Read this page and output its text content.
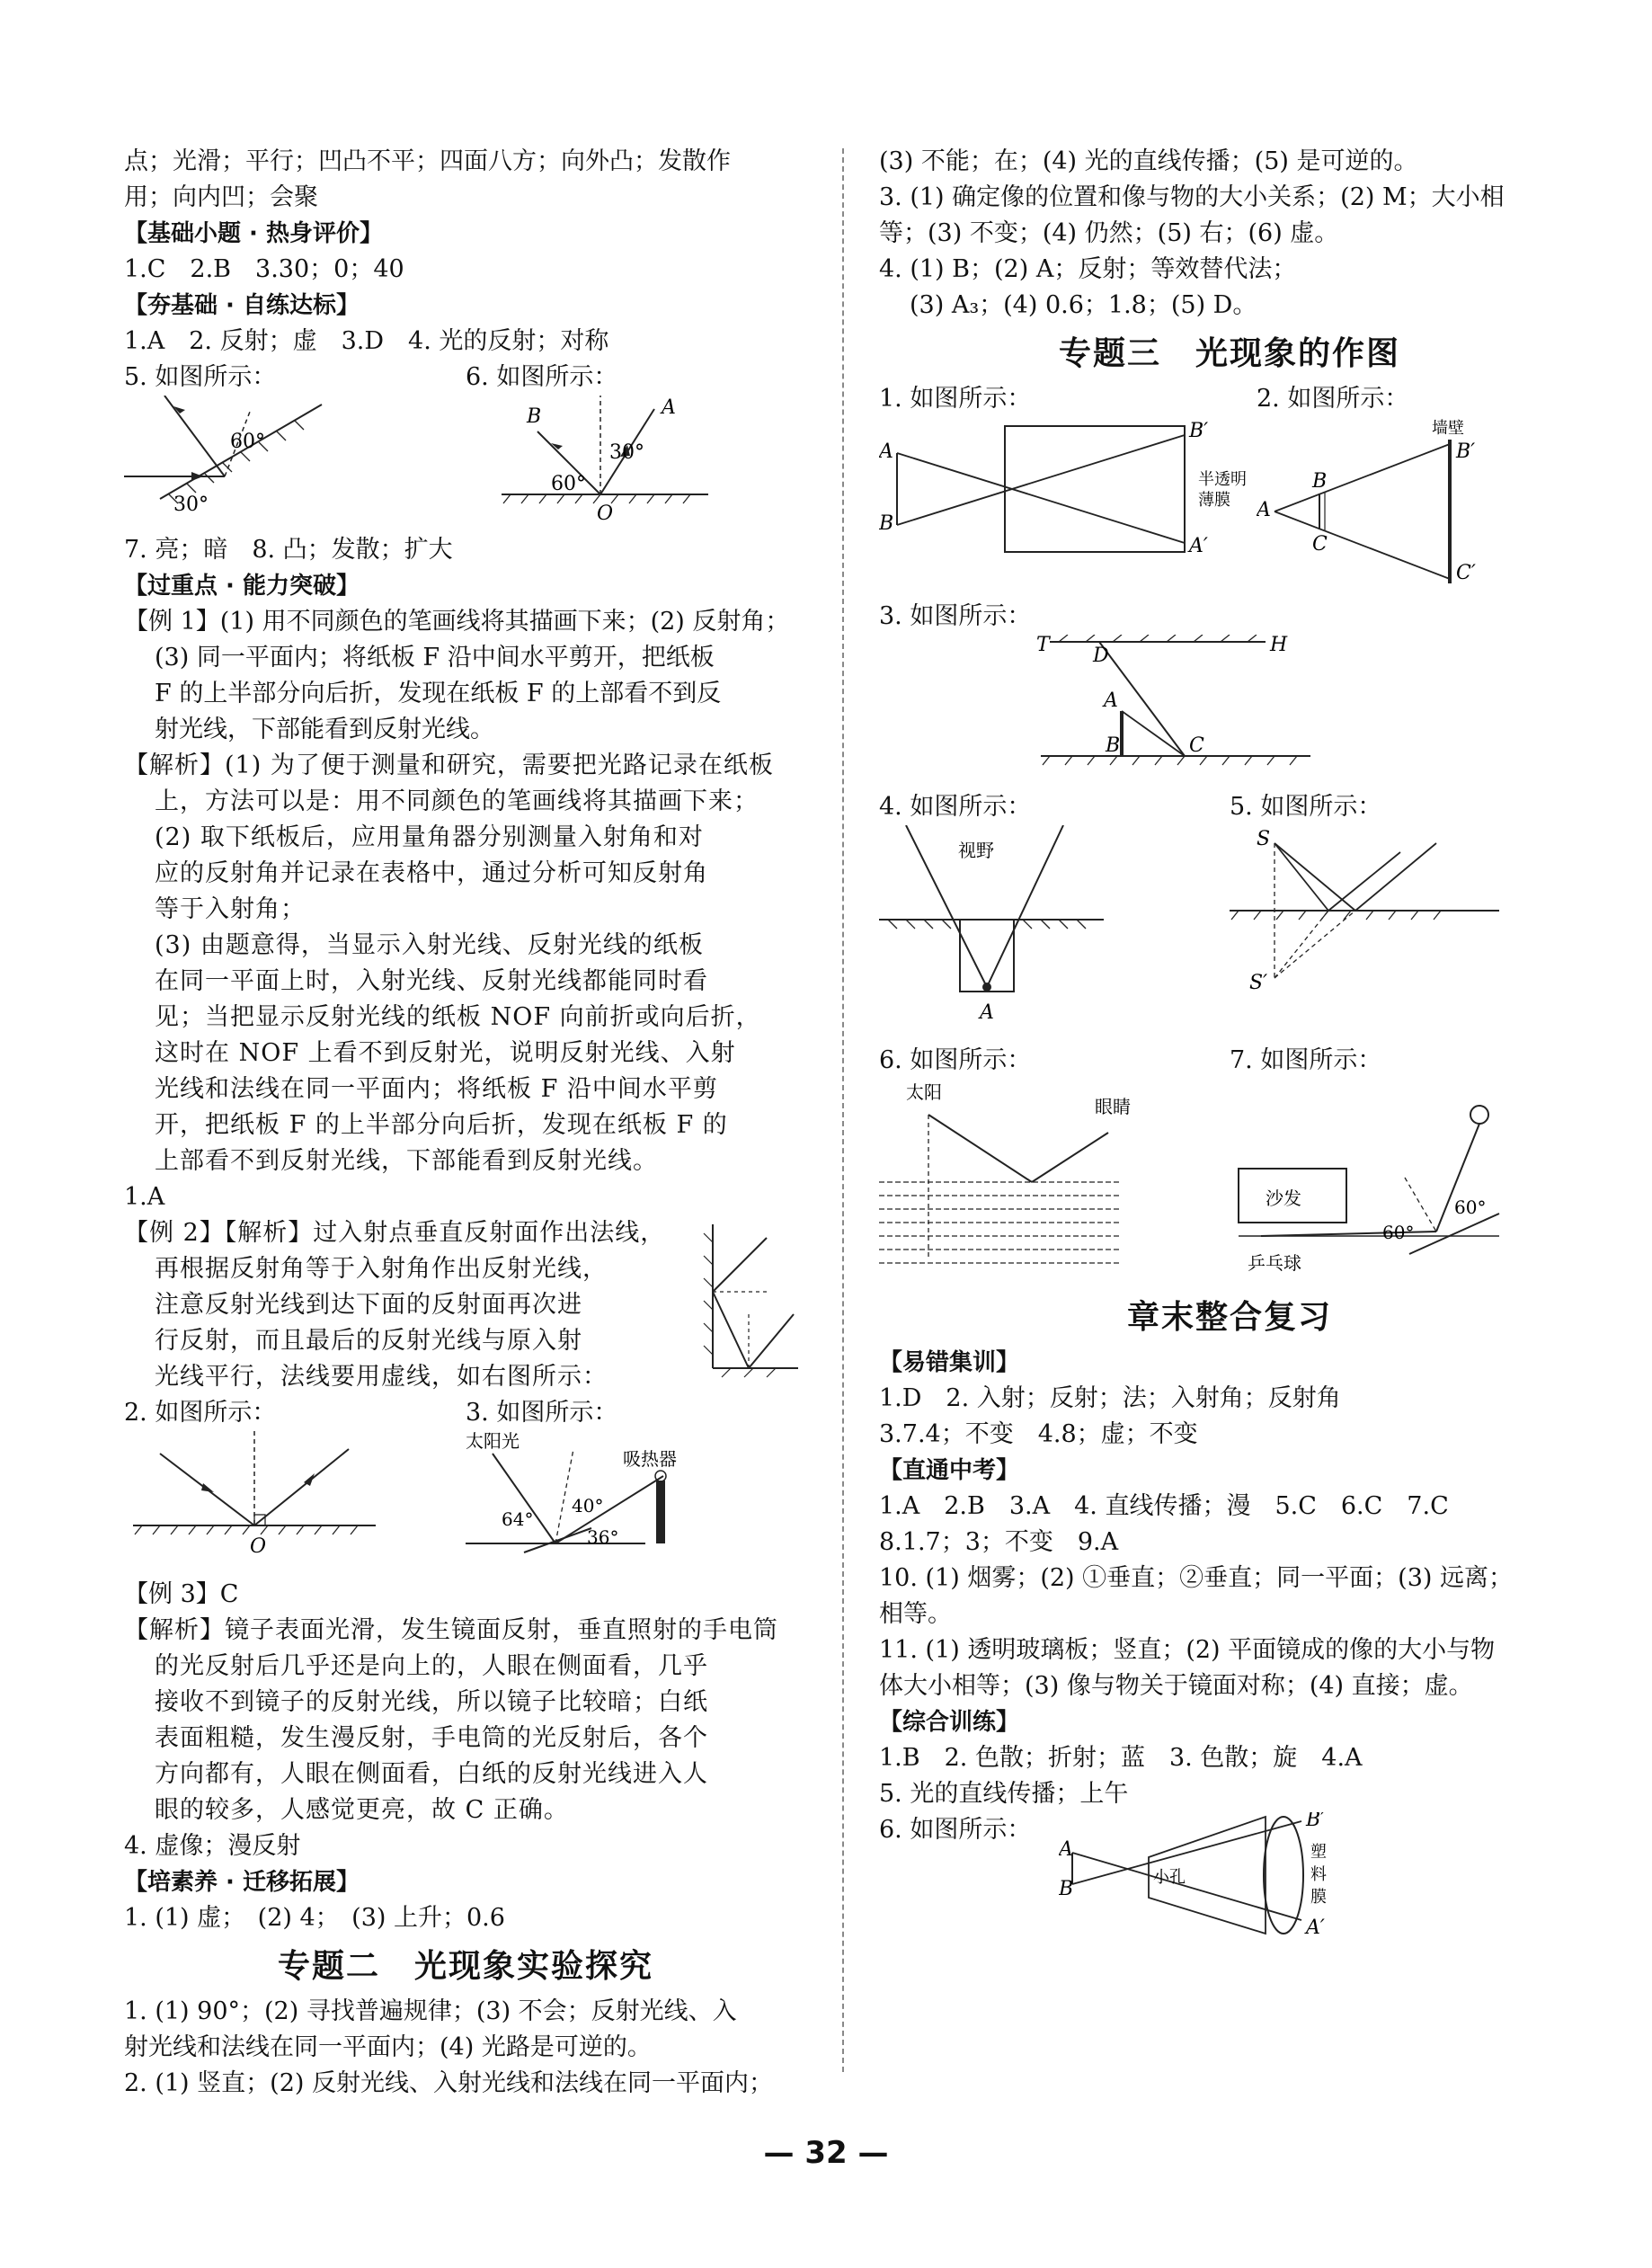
点；光滑；平行；凹凸不平；四面八方；向外凸；发散作

用；向内凹；会聚

【基础小题 · 热身评价】

1.C　2.B　3.30；0；40

【夯基础 · 自练达标】

1.A　2. 反射；虚　3.D　4. 光的反射；对称

5. 如图所示：

60°
30°

6. 如图所示：

B	A
30°
60°
O

7. 亮；暗　8. 凸；发散；扩大

【过重点 · 能力突破】

【例 1】(1) 用不同颜色的笔画线将其描画下来；(2) 反射角；

(3) 同一平面内；将纸板 F 沿中间水平剪开，把纸板

F 的上半部分向后折，发现在纸板 F 的上部看不到反

射光线，下部能看到反射光线。

【解析】(1) 为了便于测量和研究，需要把光路记录在纸板

上，方法可以是：用不同颜色的笔画线将其描画下来；

(2) 取下纸板后，应用量角器分别测量入射角和对

应的反射角并记录在表格中，通过分析可知反射角

等于入射角；

(3) 由题意得，当显示入射光线、反射光线的纸板

在同一平面上时，入射光线、反射光线都能同时看

见；当把显示反射光线的纸板 NOF 向前折或向后折，

这时在 NOF 上看不到反射光，说明反射光线、入射

光线和法线在同一平面内；将纸板 F 沿中间水平剪

开，把纸板 F 的上半部分向后折，发现在纸板 F 的

上部看不到反射光线，下部能看到反射光线。

1.A

【例 2】【解析】过入射点垂直反射面作出法线，

再根据反射角等于入射角作出反射光线，

注意反射光线到达下面的反射面再次进

行反射，而且最后的反射光线与原入射

光线平行，法线要用虚线，如右图所示：

2. 如图所示：

O

3. 如图所示：

太阳光
吸热器
64°
40°
36°

【例 3】C

【解析】镜子表面光滑，发生镜面反射，垂直照射的手电筒

的光反射后几乎还是向上的，人眼在侧面看，几乎

接收不到镜子的反射光线，所以镜子比较暗；白纸

表面粗糙，发生漫反射，手电筒的光反射后，各个

方向都有，人眼在侧面看，白纸的反射光线进入人

眼的较多，人感觉更亮，故 C 正确。

4. 虚像；漫反射

【培素养 · 迁移拓展】

1. (1) 虚；　(2) 4；　(3) 上升；0.6

专题二　光现象实验探究

1. (1) 90°；(2) 寻找普遍规律；(3) 不会；反射光线、入

射光线和法线在同一平面内；(4) 光路是可逆的。

2. (1) 竖直；(2) 反射光线、入射光线和法线在同一平面内；

(3) 不能；在；(4) 光的直线传播；(5) 是可逆的。

3. (1) 确定像的位置和像与物的大小关系；(2) M；大小相

等；(3) 不变；(4) 仍然；(5) 右；(6) 虚。

4. (1) B；(2) A；反射；等效替代法；

(3) A₃；(4) 0.6；1.8；(5) D。

专题三　光现象的作图

1. 如图所示：

A
B
B′
A′
半透明
薄膜

2. 如图所示：

墙壁
A
B
C
B′
C′

3. 如图所示：

T D	H
A
B	C

4. 如图所示：

视野
A

5. 如图所示：

S
S′

6. 如图所示：

太阳
眼睛

7. 如图所示：

沙发
乒乓球
60°
60°

章末整合复习

【易错集训】

1.D　2. 入射；反射；法；入射角；反射角

3.7.4；不变　4.8；虚；不变

【直通中考】

1.A　2.B　3.A　4. 直线传播；漫　5.C　6.C　7.C

8.1.7；3；不变　9.A

10. (1) 烟雾；(2) ①垂直；②垂直；同一平面；(3) 远离；

相等。

11. (1) 透明玻璃板；竖直；(2) 平面镜成的像的大小与物

体大小相等；(3) 像与物关于镜面对称；(4) 直接；虚。

【综合训练】

1.B　2. 色散；折射；蓝　3. 色散；旋　4.A

5. 光的直线传播；上午

6. 如图所示：

A
B
小孔
B′
A′
塑
料
膜
— 32 —
